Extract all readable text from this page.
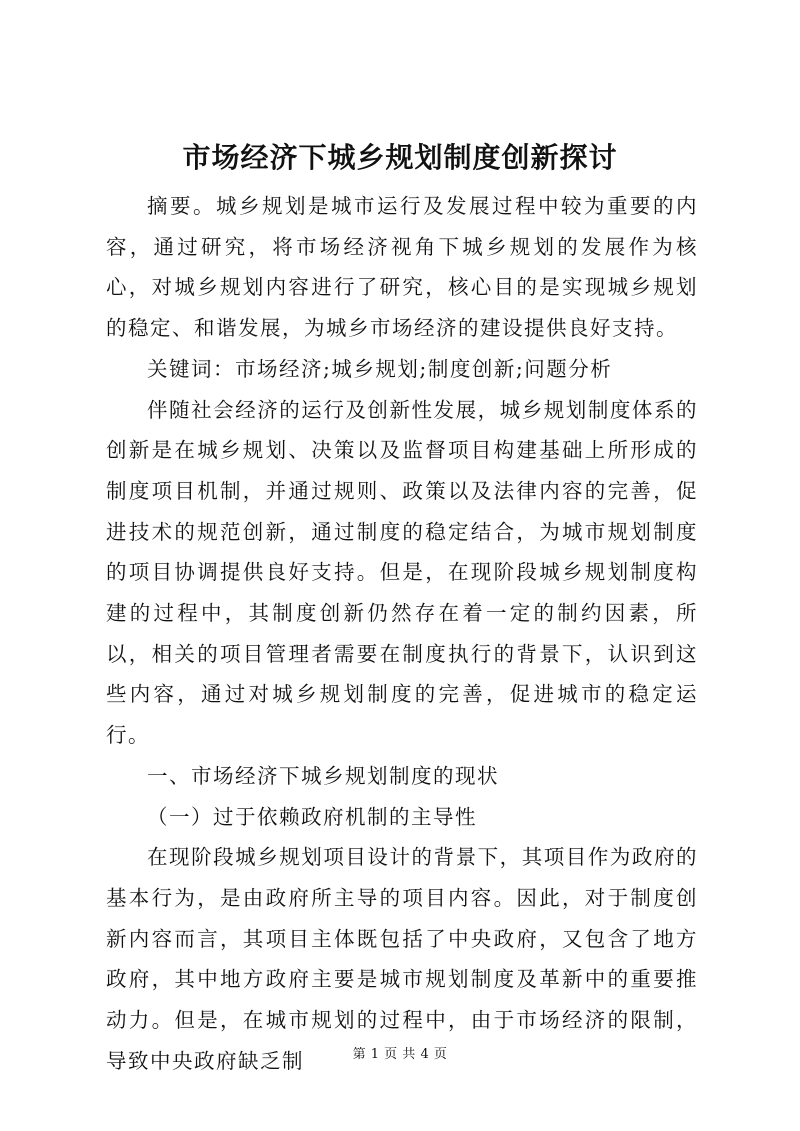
市场经济下城乡规划制度创新探讨

摘要。城乡规划是城市运行及发展过程中较为重要的内容，通过研究，将市场经济视角下城乡规划的发展作为核心，对城乡规划内容进行了研究，核心目的是实现城乡规划的稳定、和谐发展，为城乡市场经济的建设提供良好支持。

关键词：市场经济;城乡规划;制度创新;问题分析

伴随社会经济的运行及创新性发展，城乡规划制度体系的创新是在城乡规划、决策以及监督项目构建基础上所形成的制度项目机制，并通过规则、政策以及法律内容的完善，促进技术的规范创新，通过制度的稳定结合，为城市规划制度的项目协调提供良好支持。但是，在现阶段城乡规划制度构建的过程中，其制度创新仍然存在着一定的制约因素，所以，相关的项目管理者需要在制度执行的背景下，认识到这些内容，通过对城乡规划制度的完善，促进城市的稳定运行。

一、市场经济下城乡规划制度的现状

（一）过于依赖政府机制的主导性

在现阶段城乡规划项目设计的背景下，其项目作为政府的基本行为，是由政府所主导的项目内容。因此，对于制度创新内容而言，其项目主体既包括了中央政府，又包含了地方政府，其中地方政府主要是城市规划制度及革新中的重要推动力。但是，在城市规划的过程中，由于市场经济的限制，导致中央政府缺乏制	第 1 页 共 4 页
